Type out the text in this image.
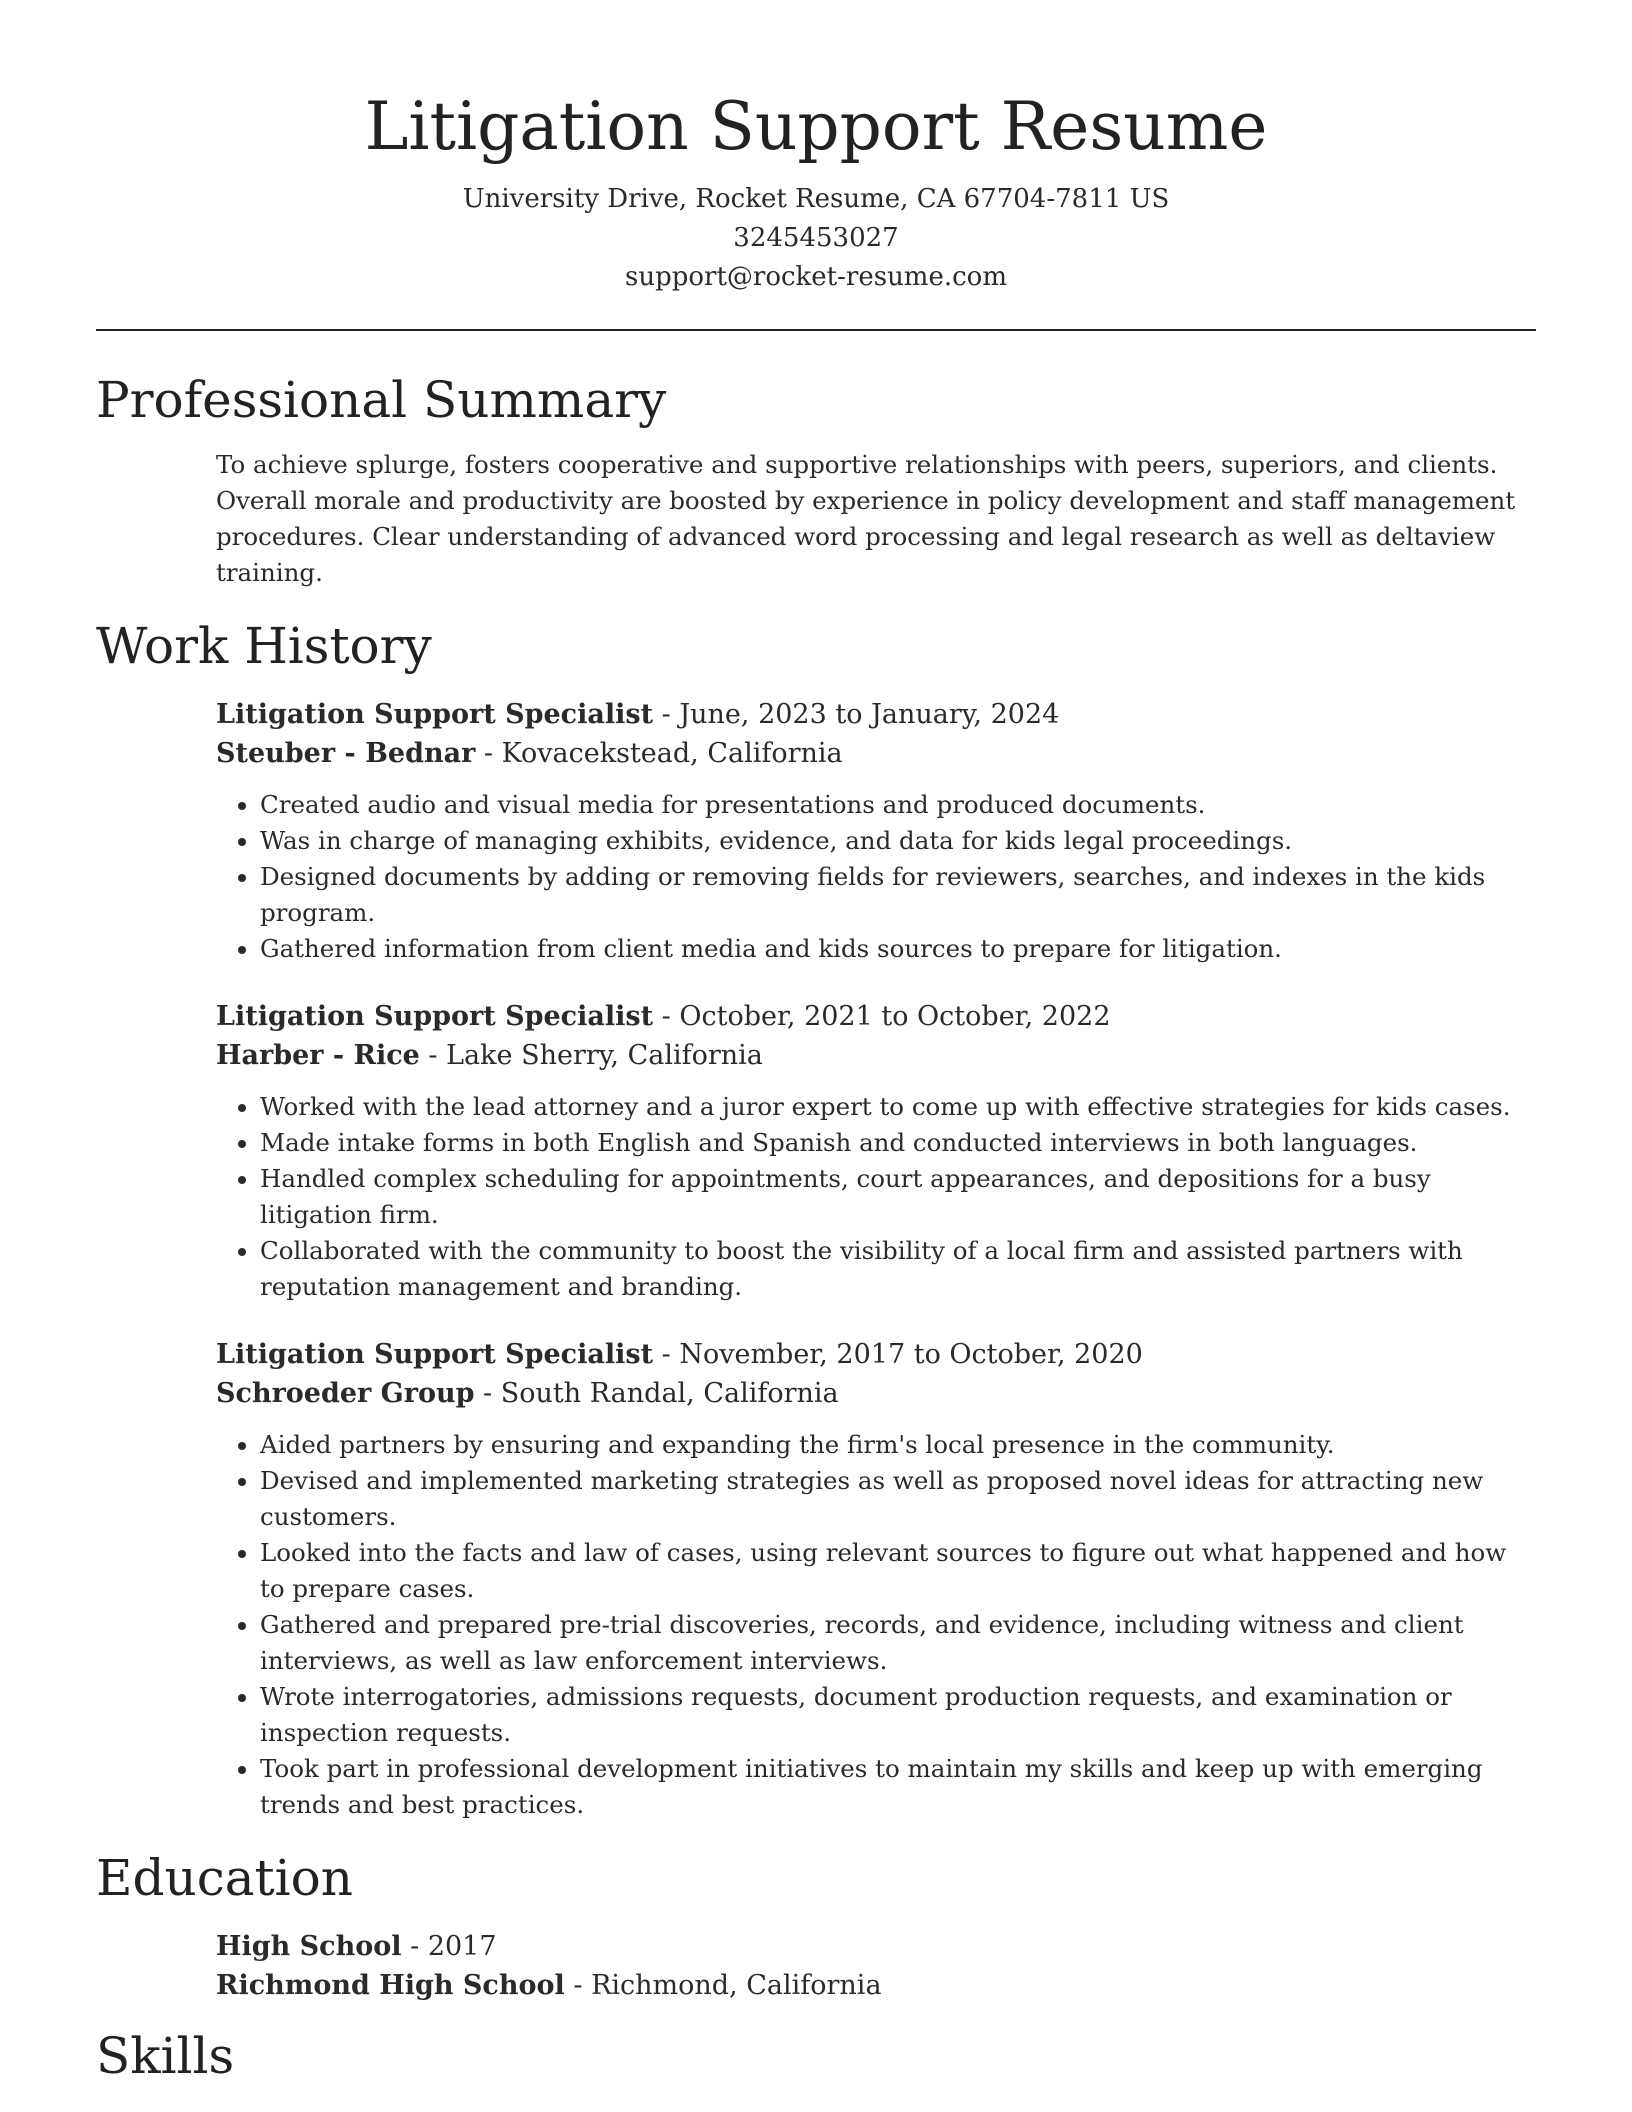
Litigation Support Resume
University Drive, Rocket Resume, CA 67704-7811 US
3245453027
support@rocket-resume.com
Professional Summary
To achieve splurge, fosters cooperative and supportive relationships with peers, superiors, and clients. Overall morale and productivity are boosted by experience in policy development and staff management procedures. Clear understanding of advanced word processing and legal research as well as deltaview training.
Work History
Litigation Support Specialist - June, 2023 to January, 2024
Steuber - Bednar - Kovacekstead, California
• Created audio and visual media for presentations and produced documents.
• Was in charge of managing exhibits, evidence, and data for kids legal proceedings.
• Designed documents by adding or removing fields for reviewers, searches, and indexes in the kids program.
• Gathered information from client media and kids sources to prepare for litigation.
Litigation Support Specialist - October, 2021 to October, 2022
Harber - Rice - Lake Sherry, California
• Worked with the lead attorney and a juror expert to come up with effective strategies for kids cases.
• Made intake forms in both English and Spanish and conducted interviews in both languages.
• Handled complex scheduling for appointments, court appearances, and depositions for a busy litigation firm.
• Collaborated with the community to boost the visibility of a local firm and assisted partners with reputation management and branding.
Litigation Support Specialist - November, 2017 to October, 2020
Schroeder Group - South Randal, California
• Aided partners by ensuring and expanding the firm's local presence in the community.
• Devised and implemented marketing strategies as well as proposed novel ideas for attracting new customers.
• Looked into the facts and law of cases, using relevant sources to figure out what happened and how to prepare cases.
• Gathered and prepared pre-trial discoveries, records, and evidence, including witness and client interviews, as well as law enforcement interviews.
• Wrote interrogatories, admissions requests, document production requests, and examination or inspection requests.
• Took part in professional development initiatives to maintain my skills and keep up with emerging trends and best practices.
Education
High School - 2017
Richmond High School - Richmond, California
Skills
